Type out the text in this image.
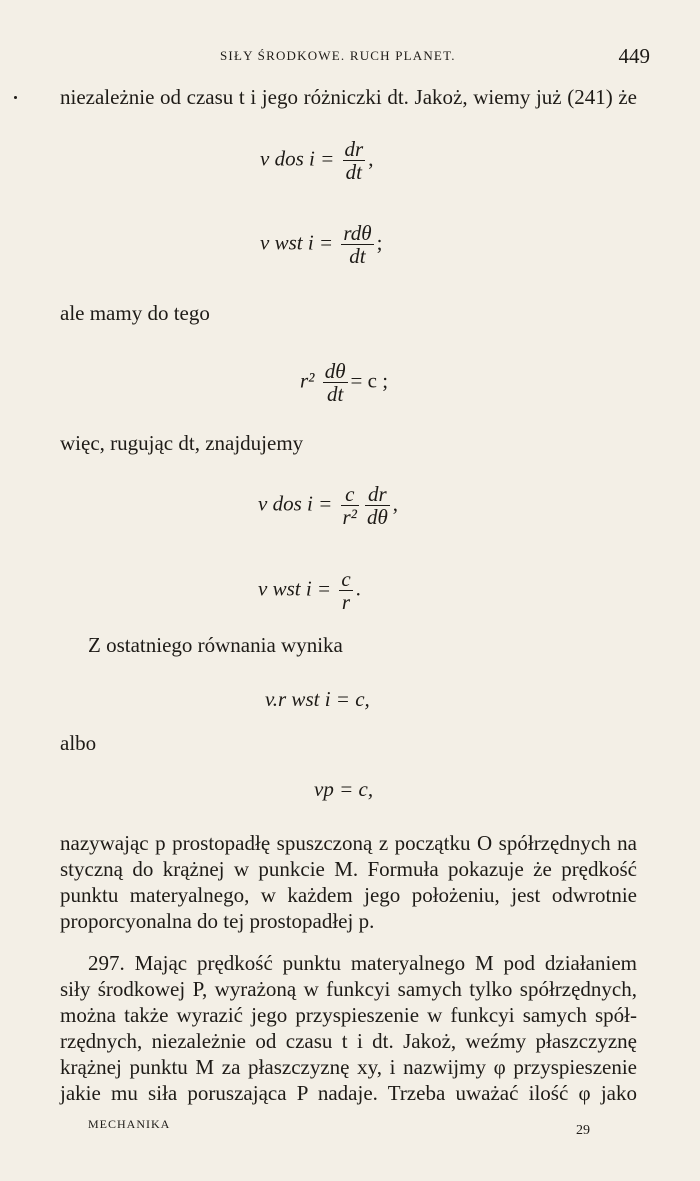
SIŁY ŚRODKOWE. RUCH PLANET.	449
niezależnie od czasu t i jego różniczki dt. Jakoż, wiemy już (241) że
v dos $i = \frac{dr}{dt}$ ,
v wst $i = \frac{\text{rdθ}}{dt}$ ;
ale mamy do tego
$r^2 \frac{d\theta}{dt} = c$ ;
więc, rugując dt, znajdujemy
v dos $i = \frac{c}{\text{r²}} \frac{dr}{d\theta}$ ,
v wst $i = \frac{c}{r}$ .
Z ostatniego równania wynika
v.r wst i = c,
albo
vp = c,
nazywając p prostopadłę spuszczoną z początku O spółrzędnych na
styczną do krążnej w punkcie M. Formuła pokazuje że prędkość
punktu materyalnego, w każdem jego położeniu, jest odwrotnie
proporcyonalna do tej prostopadłej p.
297. Mając prędkość punktu materyalnego M pod działaniem
siły środkowej P, wyrażoną w funkcyi samych tylko spółrzędnych,
można także wyrazić jego przyspieszenie w funkcyi samych spół-
rzędnych, niezależnie od czasu t i dt. Jakoż, weźmy płaszczyznę
krążnej punktu M za płaszczyznę xy, i nazwijmy φ przyspieszenie
jakie mu siła poruszająca P nadaje. Trzeba uważać ilość φ jako
MECHANIKA	29
